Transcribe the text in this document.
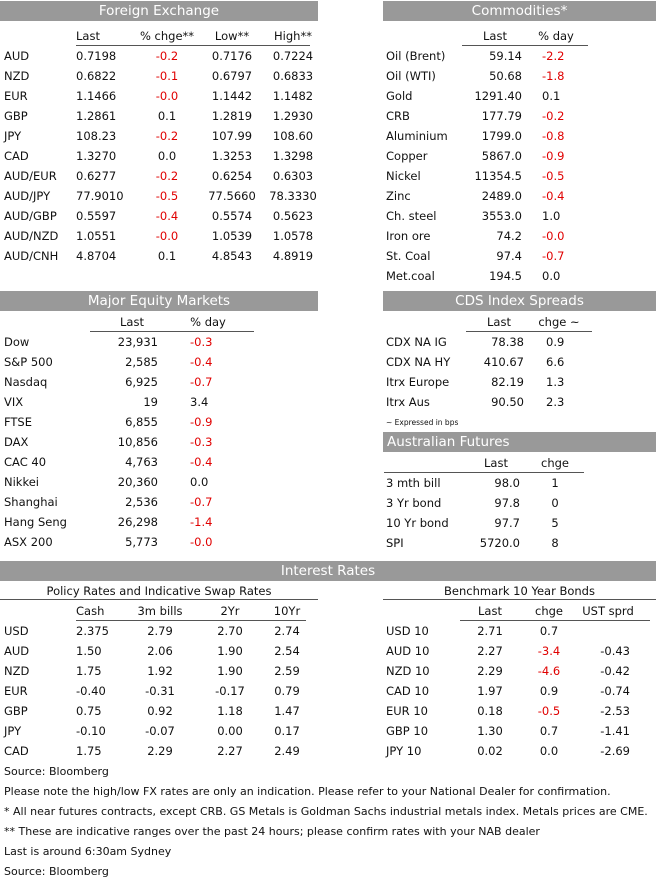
Foreign Exchange
	Last	% chge**	Low**	High**
AUD	0.7198	-0.2	0.7176	0.7224
NZD	0.6822	-0.1	0.6797	0.6833
EUR	1.1466	-0.0	1.1442	1.1482
GBP	1.2861	0.1	1.2819	1.2930
JPY	108.23	-0.2	107.99	108.60
CAD	1.3270	0.0	1.3253	1.3298
AUD/EUR	0.6277	-0.2	0.6254	0.6303
AUD/JPY	77.9010	-0.5	77.5660	78.3330
AUD/GBP	0.5597	-0.4	0.5574	0.5623
AUD/NZD	1.0551	-0.0	1.0539	1.0578
AUD/CNH	4.8704	0.1	4.8543	4.8919
Commodities*
	Last	% day
Oil (Brent)	59.14	-2.2
Oil (WTI)	50.68	-1.8
Gold	1291.40	0.1
CRB	177.79	-0.2
Aluminium	1799.0	-0.8
Copper	5867.0	-0.9
Nickel	11354.5	-0.5
Zinc	2489.0	-0.4
Ch. steel	3553.0	1.0
Iron ore	74.2	-0.0
St. Coal	97.4	-0.7
Met.coal	194.5	0.0
Major Equity Markets
	Last	% day
Dow	23,931	-0.3
S&P 500	2,585	-0.4
Nasdaq	6,925	-0.7
VIX	19	3.4
FTSE	6,855	-0.9
DAX	10,856	-0.3
CAC 40	4,763	-0.4
Nikkei	20,360	0.0
Shanghai	2,536	-0.7
Hang Seng	26,298	-1.4
ASX 200	5,773	-0.0
CDS Index Spreads
	Last	chge ~
CDX NA IG	78.38	0.9
CDX NA HY	410.67	6.6
Itrx Europe	82.19	1.3
Itrx Aus	90.50	2.3
~ Expressed in bps
Australian Futures
	Last	chge
3 mth bill	98.0	1
3 Yr bond	97.8	0
10 Yr bond	97.7	5
SPI	5720.0	8
Interest Rates
Policy Rates and Indicative Swap Rates
	Cash	3m bills	2Yr	10Yr
USD	2.375	2.79	2.70	2.74
AUD	1.50	2.06	1.90	2.54
NZD	1.75	1.92	1.90	2.59
EUR	-0.40	-0.31	-0.17	0.79
GBP	0.75	0.92	1.18	1.47
JPY	-0.10	-0.07	0.00	0.17
CAD	1.75	2.29	2.27	2.49
Benchmark 10 Year Bonds
	Last	chge	UST sprd
USD 10	2.71	0.7	
AUD 10	2.27	-3.4	-0.43
NZD 10	2.29	-4.6	-0.42
CAD 10	1.97	0.9	-0.74
EUR 10	0.18	-0.5	-2.53
GBP 10	1.30	0.7	-1.41
JPY 10	0.02	0.0	-2.69
Source: Bloomberg
Please note the high/low FX rates are only an indication. Please refer to your National Dealer for confirmation.
* All near futures contracts, except CRB. GS Metals is Goldman Sachs industrial metals index. Metals prices are CME.
** These are indicative ranges over the past 24 hours; please confirm rates with your NAB dealer
Last is around 6:30am Sydney
Source: Bloomberg
